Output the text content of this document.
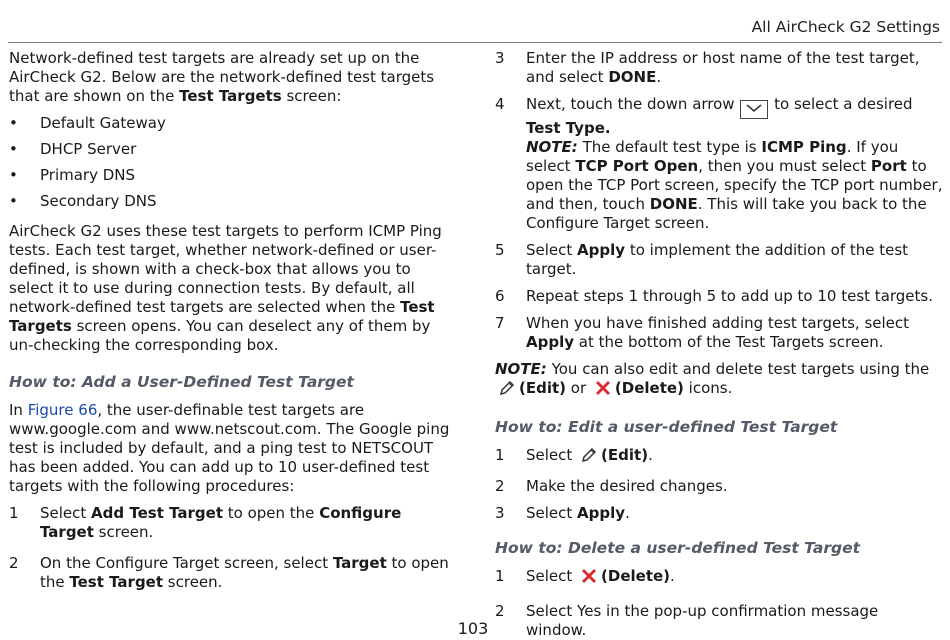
All AirCheck G2 Settings

Network-defined test targets are already set up on the AirCheck G2. Below are the network-defined test targets that are shown on the Test Targets screen:

•	Default Gateway
•	DHCP Server
•	Primary DNS
•	Secondary DNS

AirCheck G2 uses these test targets to perform ICMP Ping tests. Each test target, whether network-defined or user-defined, is shown with a check-box that allows you to select it to use during connection tests. By default, all network-defined test targets are selected when the Test Targets screen opens. You can deselect any of them by un-checking the corresponding box.

How to: Add a User-Defined Test Target

In Figure 66, the user-definable test targets are www.google.com and www.netscout.com. The Google ping test is included by default, and a ping test to NETSCOUT has been added. You can add up to 10 user-defined test targets with the following procedures:

1	Select Add Test Target to open the Configure Target screen.
2	On the Configure Target screen, select Target to open the Test Target screen.
3	Enter the IP address or host name of the test target, and select DONE.
4	Next, touch the down arrow  to select a desired
Test Type.
NOTE: The default test type is ICMP Ping. If you select TCP Port Open, then you must select Port to open the TCP Port screen, specify the TCP port number, and then, touch DONE. This will take you back to the Configure Target screen.
5	Select Apply to implement the addition of the test target.
6	Repeat steps 1 through 5 to add up to 10 test targets.
7	When you have finished adding test targets, select Apply at the bottom of the Test Targets screen.

NOTE: You can also edit and delete test targets using the
(Edit) or (Delete) icons.

How to: Edit a user-defined Test Target
1	Select (Edit).
2	Make the desired changes.
3	Select Apply.
How to: Delete a user-defined Test Target
1	Select (Delete).
2	Select Yes in the pop-up confirmation message window.
103
